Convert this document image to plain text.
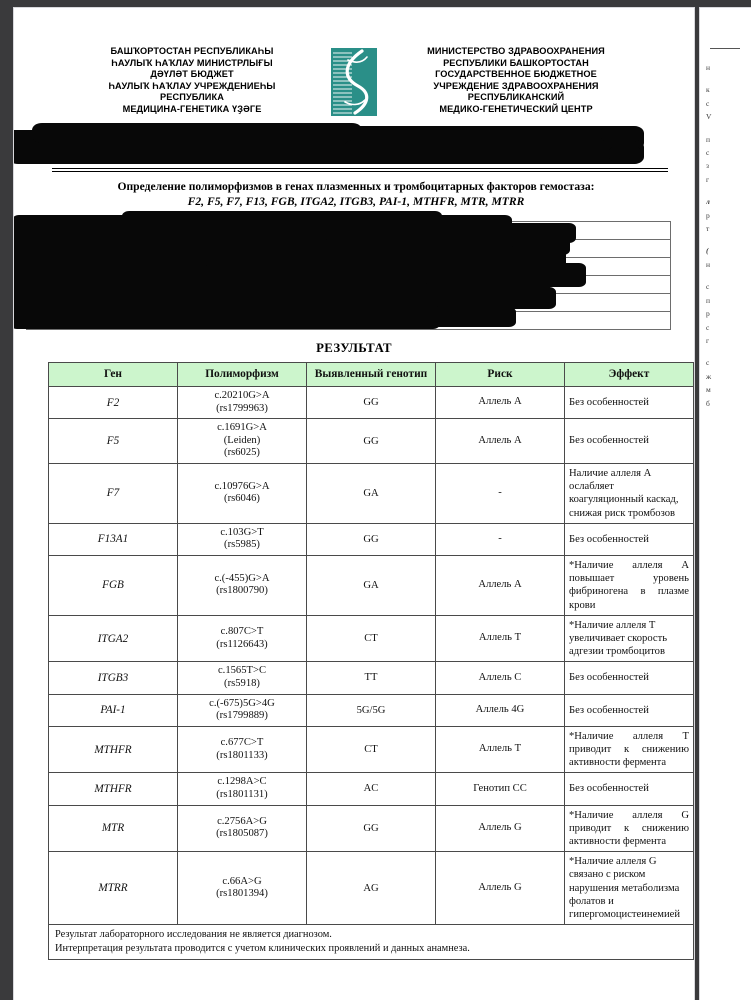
БАШҠОРТОСТАН РЕСПУБЛИКАҺЫ
ҺАУЛЫҠ ҺАҠЛАУ МИНИСТРЛЫҒЫ
ДӘҮЛӘТ БЮДЖЕТ
ҺАУЛЫҠ ҺАҠЛАУ УЧРЕЖДЕНИЕҺЫ
РЕСПУБЛИКА
МЕДИЦИНА-ГЕНЕТИКА ҮҘӘГЕ
МИНИСТЕРСТВО ЗДРАВООХРАНЕНИЯ
РЕСПУБЛИКИ БАШКОРТОСТАН
ГОСУДАРСТВЕННОЕ БЮДЖЕТНОЕ
УЧРЕЖДЕНИЕ ЗДРАВООХРАНЕНИЯ
РЕСПУБЛИКАНСКИЙ
МЕДИКО-ГЕНЕТИЧЕСКИЙ ЦЕНТР
Определение полиморфизмов в генах плазменных и тромбоцитарных факторов гемостаза:
F2, F5, F7, F13, FGB, ITGA2, ITGB3, PAI-1, MTHFR, MTR, MTRR

РЕЗУЛЬТАТ
Ген	Полиморфизм	Выявленный генотип	Риск	Эффект
F2	c.20210G>A
(rs1799963)	GG	Аллель A	Без особенностей
F5	c.1691G>A
(Leiden)
(rs6025)	GG	Аллель A	Без особенностей
F7	c.10976G>A
(rs6046)	GA	-	Наличие аллеля A ослабляет коагуляционный каскад, снижая риск тромбозов
F13A1	c.103G>T
(rs5985)	GG	-	Без особенностей
FGB	c.(-455)G>A
(rs1800790)	GA	Аллель A	*Наличие аллеля A повышает уровень фибриногена в плазме крови
ITGA2	c.807C>T
(rs1126643)	CT	Аллель T	*Наличие аллеля T увеличивает скорость адгезии тромбоцитов
ITGB3	c.1565T>C
(rs5918)	TT	Аллель C	Без особенностей
PAI-1	c.(-675)5G>4G
(rs1799889)	5G/5G	Аллель 4G	Без особенностей
MTHFR	c.677C>T
(rs1801133)	CT	Аллель T	*Наличие аллеля T приводит к снижению активности фермента
MTHFR	c.1298A>C
(rs1801131)	AC	Генотип CC	Без особенностей
MTR	c.2756A>G
(rs1805087)	GG	Аллель G	*Наличие аллеля G приводит к снижению активности фермента
MTRR	c.66A>G
(rs1801394)	AG	Аллель G	*Наличие аллеля G связано с риском нарушения метаболизма фолатов и гипергомоцистеинемией

Результат лабораторного исследования не является диагнозом.
Интерпретация результата проводится с учетом клинических проявлений и данных анамнеза.				
н
к
с
V
п
с
з
г
л
р
т
(
н
с
п
р
с
г
с
ж
м
б
